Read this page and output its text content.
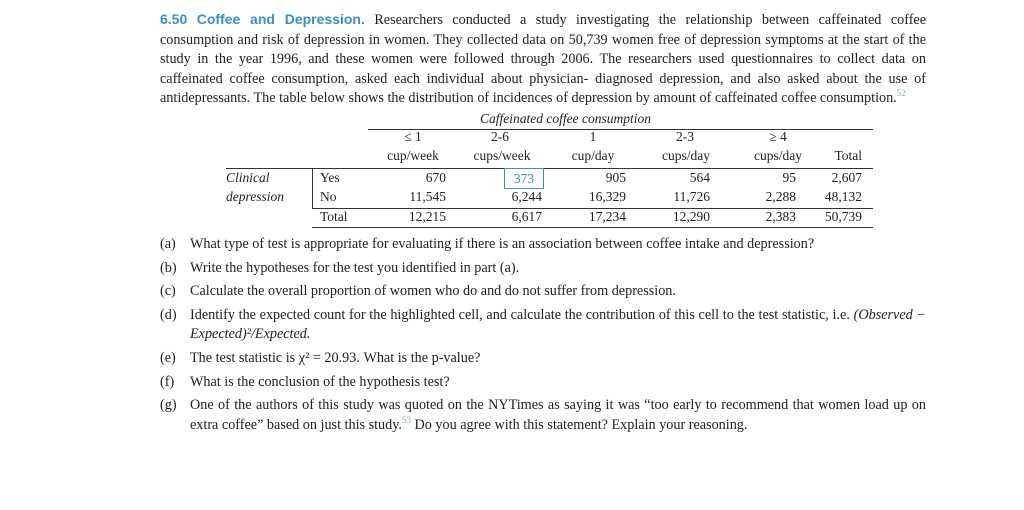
6.50 Coffee and Depression. Researchers conducted a study investigating the relationship between caffeinated coffee consumption and risk of depression in women. They collected data on 50,739 women free of depression symptoms at the start of the study in the year 1996, and these women were followed through 2006. The researchers used questionnaires to collect data on caffeinated coffee consumption, asked each individual about physician- diagnosed depression, and also asked about the use of antidepressants. The table below shows the distribution of incidences of depression by amount of caffeinated coffee consumption.$^{52}$

Caffeinated coffee consumption
≤ 1	2-6	1	2-3	≥ 4
cup/week	cups/week	cup/day	cups/day	cups/day	Total
Clinical
depression
Yes	670	373	905	564	95	2,607
No	11,545	6,244	16,329	11,726	2,288	48,132
Total	12,215	6,617	17,234	12,290	2,383	50,739
(a) What type of test is appropriate for evaluating if there is an association between coffee intake and depression?
(b) Write the hypotheses for the test you identified in part (a).
(c) Calculate the overall proportion of women who do and do not suffer from depression.
(d) Identify the expected count for the highlighted cell, and calculate the contribution of this cell to the test statistic, i.e. (Observed − Expected)²/Expected.
(e) The test statistic is χ² = 20.93. What is the p-value?
(f) What is the conclusion of the hypothesis test?
(g) One of the authors of this study was quoted on the NYTimes as saying it was “too early to recommend that women load up on extra coffee” based on just this study.$^{53}$ Do you agree with this statement? Explain your reasoning.
